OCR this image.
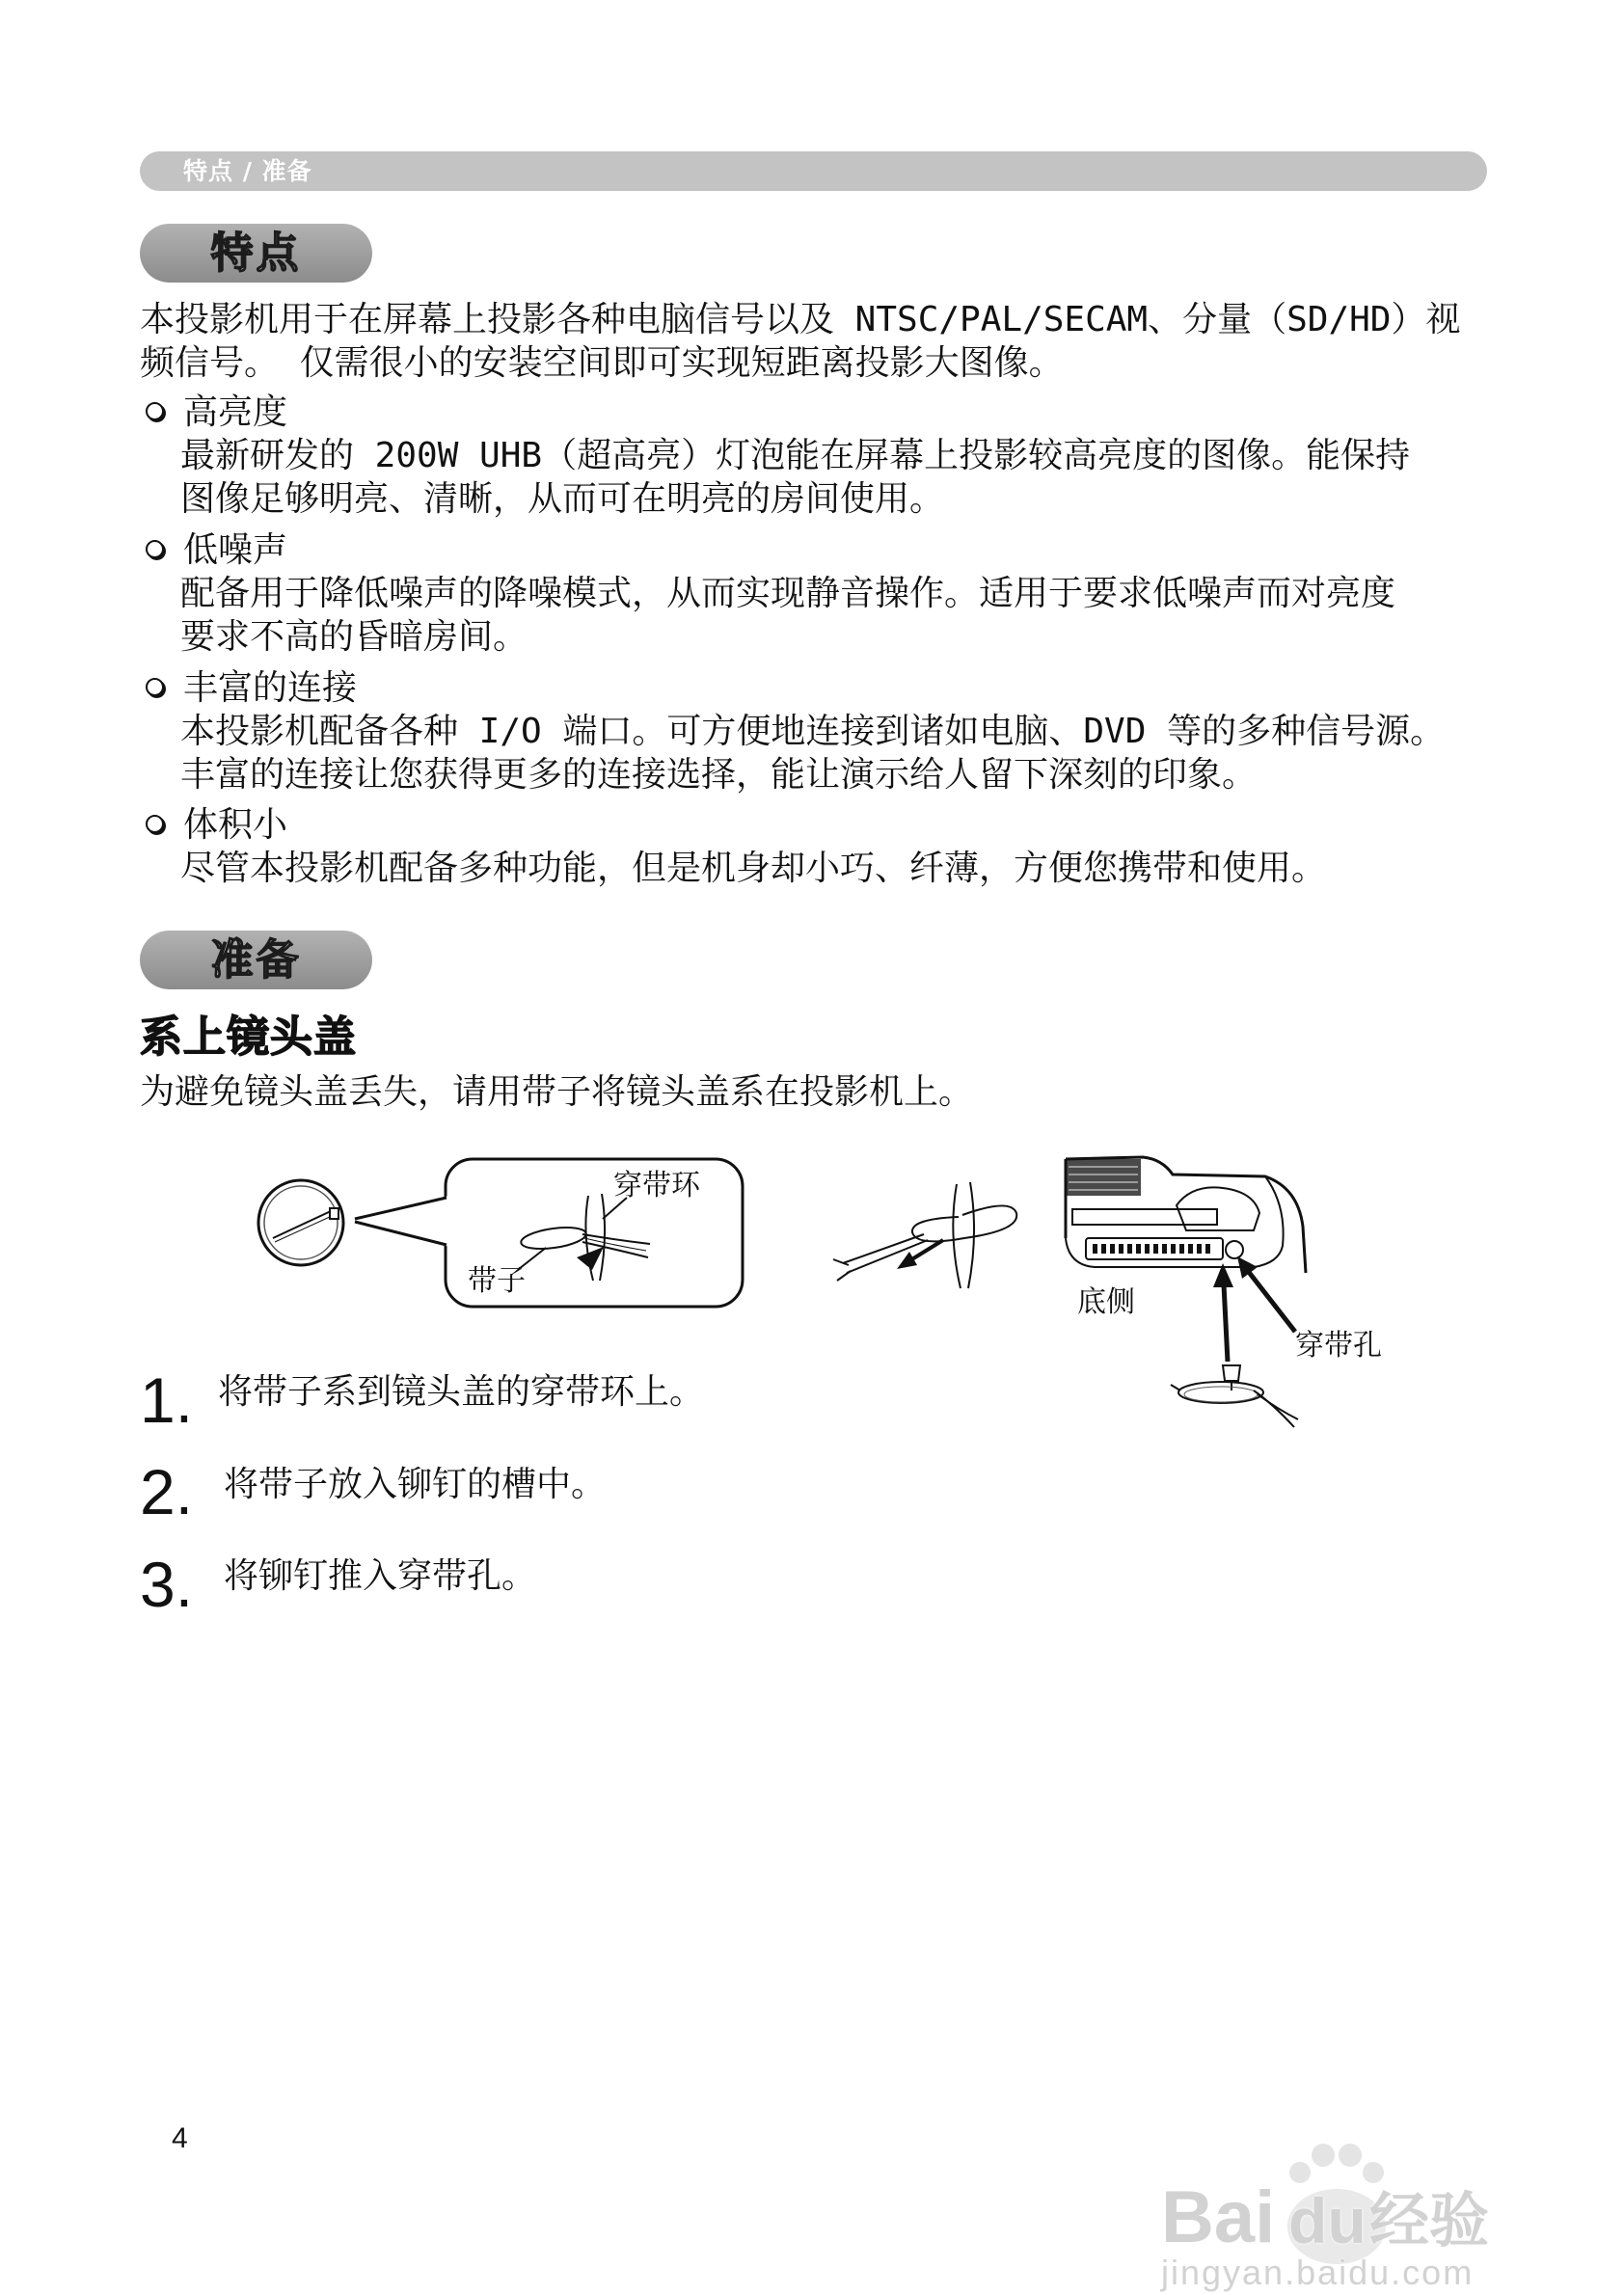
特点 / 准备
特点
本投影机用于在屏幕上投影各种电脑信号以及 NTSC/PAL/SECAM、分量（SD/HD）视
频信号。 仅需很小的安装空间即可实现短距离投影大图像。
高亮度
最新研发的 200W UHB（超高亮）灯泡能在屏幕上投影较高亮度的图像。能保持
图像足够明亮、清晰，从而可在明亮的房间使用。
低噪声
配备用于降低噪声的降噪模式，从而实现静音操作。适用于要求低噪声而对亮度
要求不高的昏暗房间。
丰富的连接
本投影机配备各种 I/O 端口。可方便地连接到诸如电脑、DVD 等的多种信号源。
丰富的连接让您获得更多的连接选择，能让演示给人留下深刻的印象。
体积小
尽管本投影机配备多种功能，但是机身却小巧、纤薄，方便您携带和使用。
准备
系上镜头盖
为避免镜头盖丢失，请用带子将镜头盖系在投影机上。
穿带环
带子
底侧
穿带孔
1. 将带子系到镜头盖的穿带环上。
2. 将带子放入铆钉的槽中。
3. 将铆钉推入穿带孔。
4
Bai du 经验
jingyan.baidu.com
